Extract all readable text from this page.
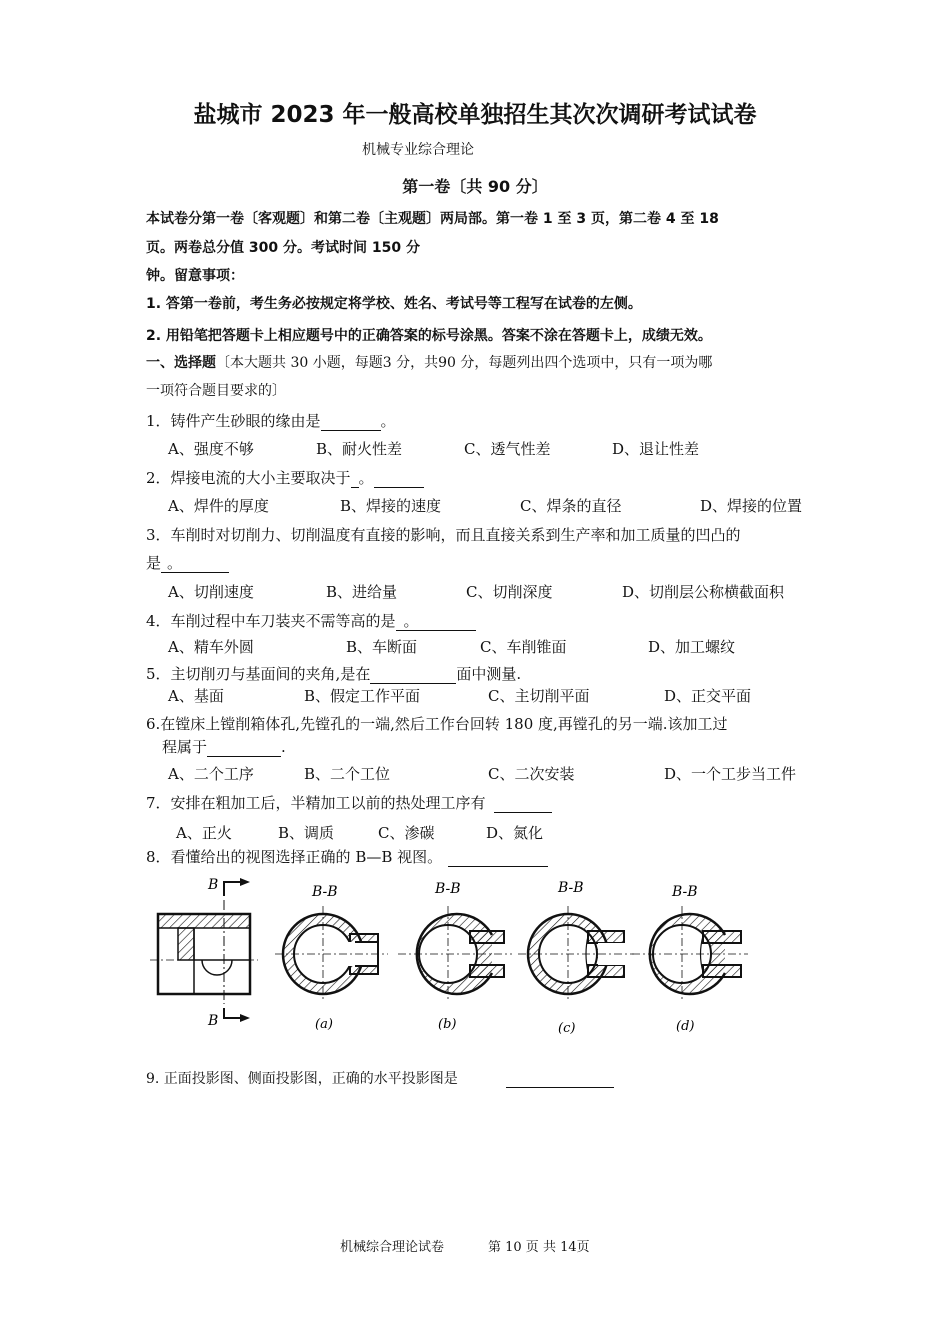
盐城市 2023 年一般高校单独招生其次次调研考试试卷
机械专业综合理论
第一卷〔共 90 分〕
本试卷分第一卷〔客观题〕和第二卷〔主观题〕两局部。第一卷 1 至 3 页，第二卷 4 至 18
页。两卷总分值 300 分。考试时间 150 分
钟。留意事项：
1. 答第一卷前，考生务必按规定将学校、姓名、考试号等工程写在试卷的左侧。
2. 用铅笔把答题卡上相应题号中的正确答案的标号涂黑。答案不涂在答题卡上，成绩无效。
一、选择题〔本大题共 30 小题，每题3 分，共90 分，每题列出四个选项中，只有一项为哪
一项符合题目要求的〕
1．铸件产生砂眼的缘由是	。
A、强度不够	B、耐火性差	C、透气性差	D、退让性差
2．焊接电流的大小主要取决于 。
A、焊件的厚度	B、焊接的速度	C、焊条的直径	D、焊接的位置
3．车削时对切削力、切削温度有直接的影响，而且直接关系到生产率和加工质量的凹凸的
是 。
A、切削速度	B、进给量	C、切削深度	D、切削层公称横截面积
4．车削过程中车刀装夹不需等高的是 。
A、精车外圆	B、车断面	C、车削锥面	D、加工螺纹
5．主切削刃与基面间的夹角,是在	面中测量.
A、基面	B、假定工作平面	C、主切削平面	D、正交平面
6.在镗床上镗削箱体孔,先镗孔的一端,然后工作台回转 180 度,再镗孔的另一端.该加工过
程属于	.
A、二个工序	B、二个工位	C、二次安装	D、一个工步当工件
7．安排在粗加工后，半精加工以前的热处理工序有
A、正火	B、调质	C、渗碳	D、氮化
8．看懂给出的视图选择正确的 B—B 视图。
B
B
B-B
(a)
B-B
(b)
B-B
(c)
B-B
(d)
9. 正面投影图、侧面投影图，正确的水平投影图是
机械综合理论试卷	第 10 页 共 14页
